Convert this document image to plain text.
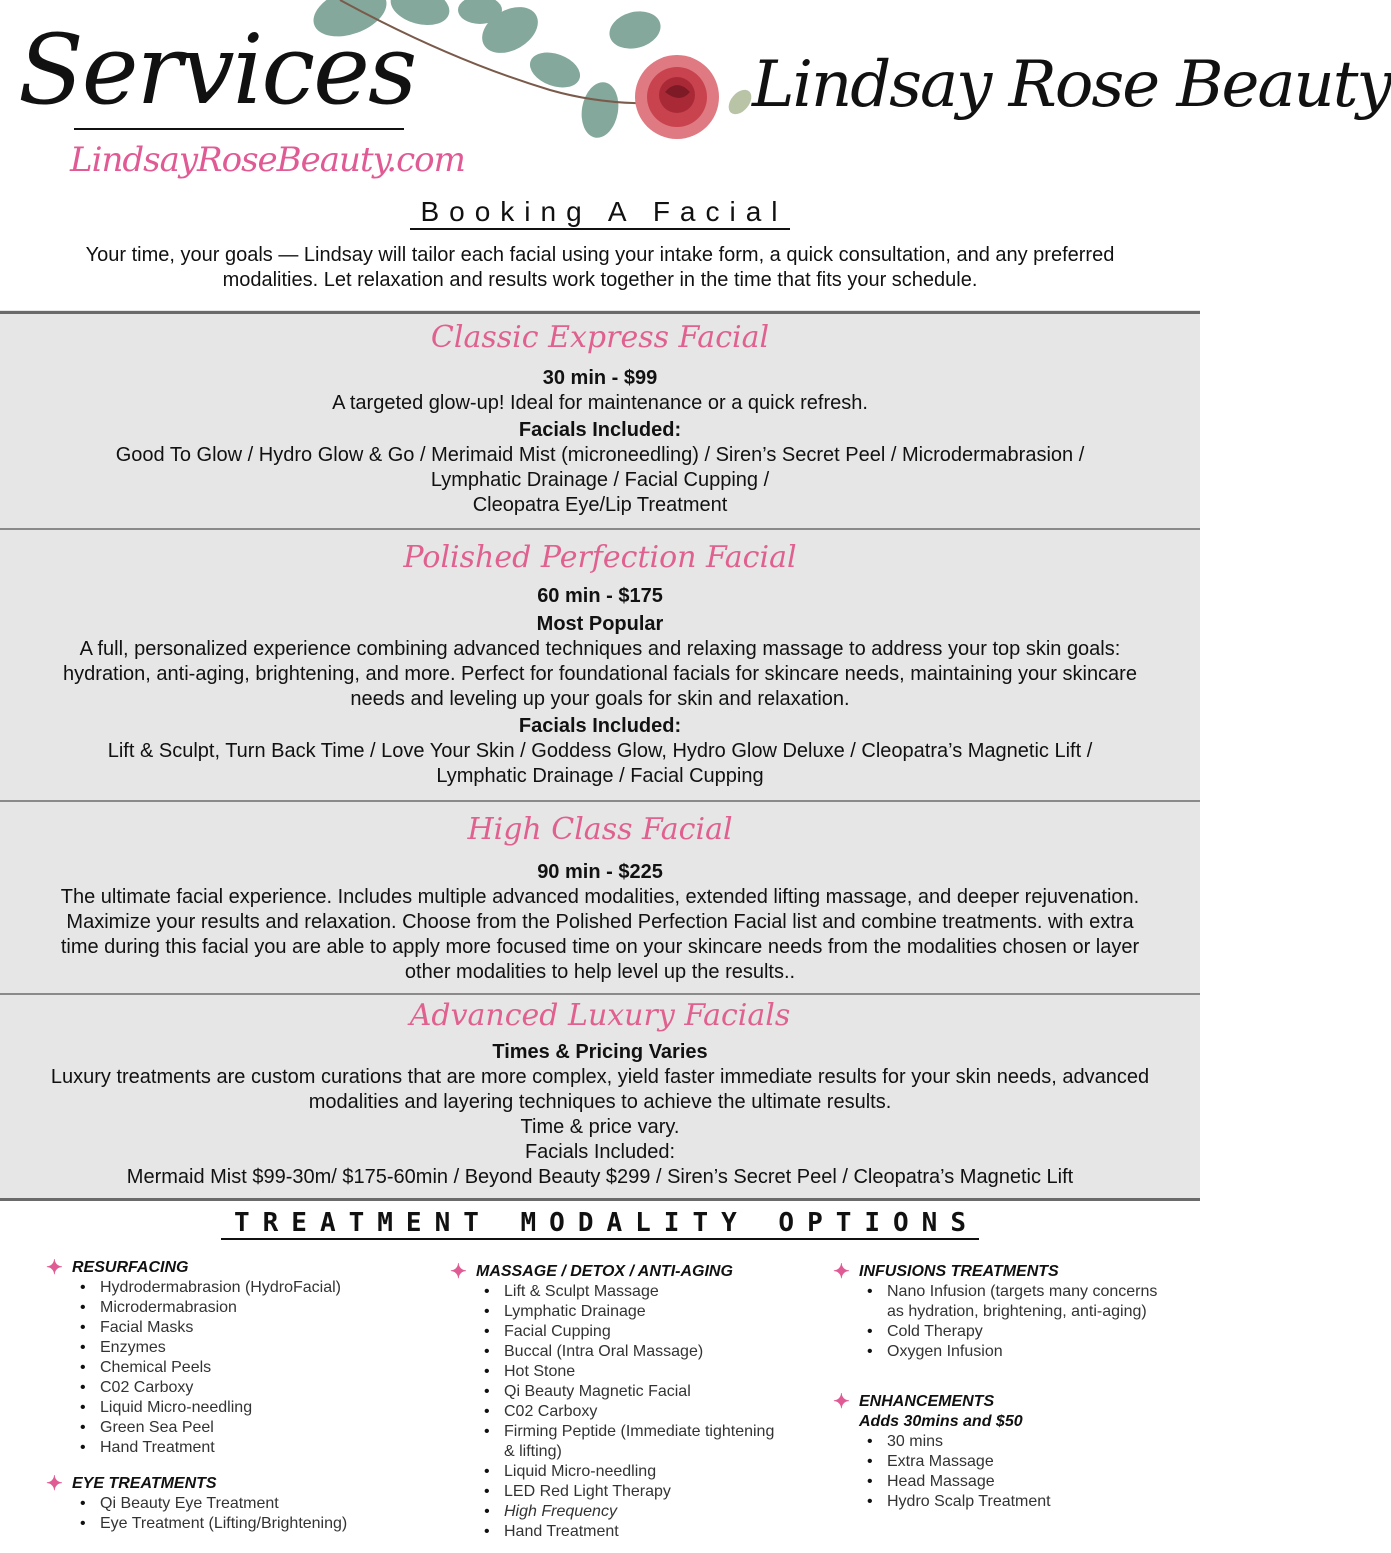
Services
LindsayRoseBeauty.com
Lindsay Rose Beauty
Booking A Facial
Your time, your goals — Lindsay will tailor each facial using your intake form, a quick consultation, and any preferred
modalities. Let relaxation and results work together in the time that fits your schedule.
Classic Express Facial
30 min - $99
A targeted glow-up! Ideal for maintenance or a quick refresh.
Facials Included:
Good To Glow / Hydro Glow & Go / Merimaid Mist (microneedling) / Siren’s Secret Peel / Microdermabrasion /
Lymphatic Drainage / Facial Cupping /
Cleopatra Eye/Lip Treatment
Polished Perfection Facial
60 min - $175
Most Popular
A full, personalized experience combining advanced techniques and relaxing massage to address your top skin goals:
hydration, anti-aging, brightening, and more. Perfect for foundational facials for skincare needs, maintaining your skincare
needs and leveling up your goals for skin and relaxation.
Facials Included:
Lift & Sculpt, Turn Back Time / Love Your Skin / Goddess Glow, Hydro Glow Deluxe / Cleopatra’s Magnetic Lift /
Lymphatic Drainage / Facial Cupping
High Class Facial
90 min - $225
The ultimate facial experience. Includes multiple advanced modalities, extended lifting massage, and deeper rejuvenation.
Maximize your results and relaxation. Choose from the Polished Perfection Facial list and combine treatments. with extra
time during this facial you are able to apply more focused time on your skincare needs from the modalities chosen or layer
other modalities to help level up the results..
Advanced Luxury Facials
Times & Pricing Varies
Luxury treatments are custom curations that are more complex, yield faster immediate results for your skin needs, advanced
modalities and layering techniques to achieve the ultimate results.
Time & price vary.
Facials Included:
Mermaid Mist $99-30m/ $175-60min / Beyond Beauty $299 / Siren’s Secret Peel / Cleopatra’s Magnetic Lift
TREATMENT MODALITY OPTIONS
✦ RESURFACING
• Hydrodermabrasion (HydroFacial)
• Microdermabrasion
• Facial Masks
• Enzymes
• Chemical Peels
• C02 Carboxy
• Liquid Micro-needling
• Green Sea Peel
• Hand Treatment
✦ EYE TREATMENTS
• Qi Beauty Eye Treatment
• Eye Treatment (Lifting/Brightening)
✦ MASSAGE / DETOX / ANTI-AGING
• Lift & Sculpt Massage
• Lymphatic Drainage
• Facial Cupping
• Buccal (Intra Oral Massage)
• Hot Stone
• Qi Beauty Magnetic Facial
• C02 Carboxy
• Firming Peptide (Immediate tightening
& lifting)
• Liquid Micro-needling
• LED Red Light Therapy
• High Frequency
• Hand Treatment
✦ INFUSIONS TREATMENTS
• Nano Infusion (targets many concerns
as hydration, brightening, anti-aging)
• Cold Therapy
• Oxygen Infusion
✦ ENHANCEMENTS
Adds 30mins and $50
• 30 mins
• Extra Massage
• Head Massage
• Hydro Scalp Treatment
